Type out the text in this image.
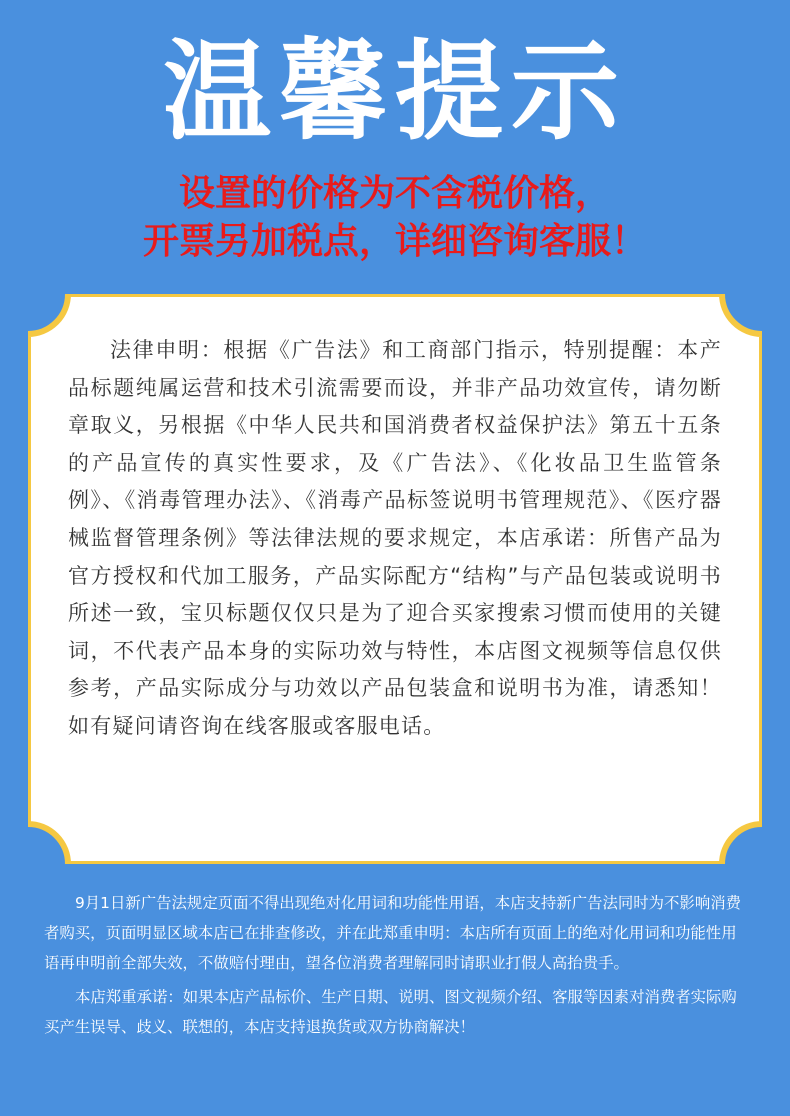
温馨提示
设置的价格为不含税价格，
开票另加税点，详细咨询客服！
法律申明：根据《广告法》和工商部门指示，特别提醒：本产品标题纯属运营和技术引流需要而设，并非产品功效宣传，请勿断章取义，另根据《中华人民共和国消费者权益保护法》第五十五条的产品宣传的真实性要求，及《广告法》、《化妆品卫生监管条例》、《消毒管理办法》、《消毒产品标签说明书管理规范》、《医疗器械监督管理条例》等法律法规的要求规定，本店承诺：所售产品为官方授权和代加工服务，产品实际配方“结构”与产品包装或说明书所述一致，宝贝标题仅仅只是为了迎合买家搜索习惯而使用的关键词，不代表产品本身的实际功效与特性，本店图文视频等信息仅供参考，产品实际成分与功效以产品包装盒和说明书为准，请悉知！如有疑问请咨询在线客服或客服电话。

9月1日新广告法规定页面不得出现绝对化用词和功能性用语，本店支持新广告法同时为不影响消费者购买，页面明显区域本店已在排查修改，并在此郑重申明：本店所有页面上的绝对化用词和功能性用语再申明前全部失效，不做赔付理由，望各位消费者理解同时请职业打假人高抬贵手。

本店郑重承诺：如果本店产品标价、生产日期、说明、图文视频介绍、客服等因素对消费者实际购买产生误导、歧义、联想的，本店支持退换货或双方协商解决！
